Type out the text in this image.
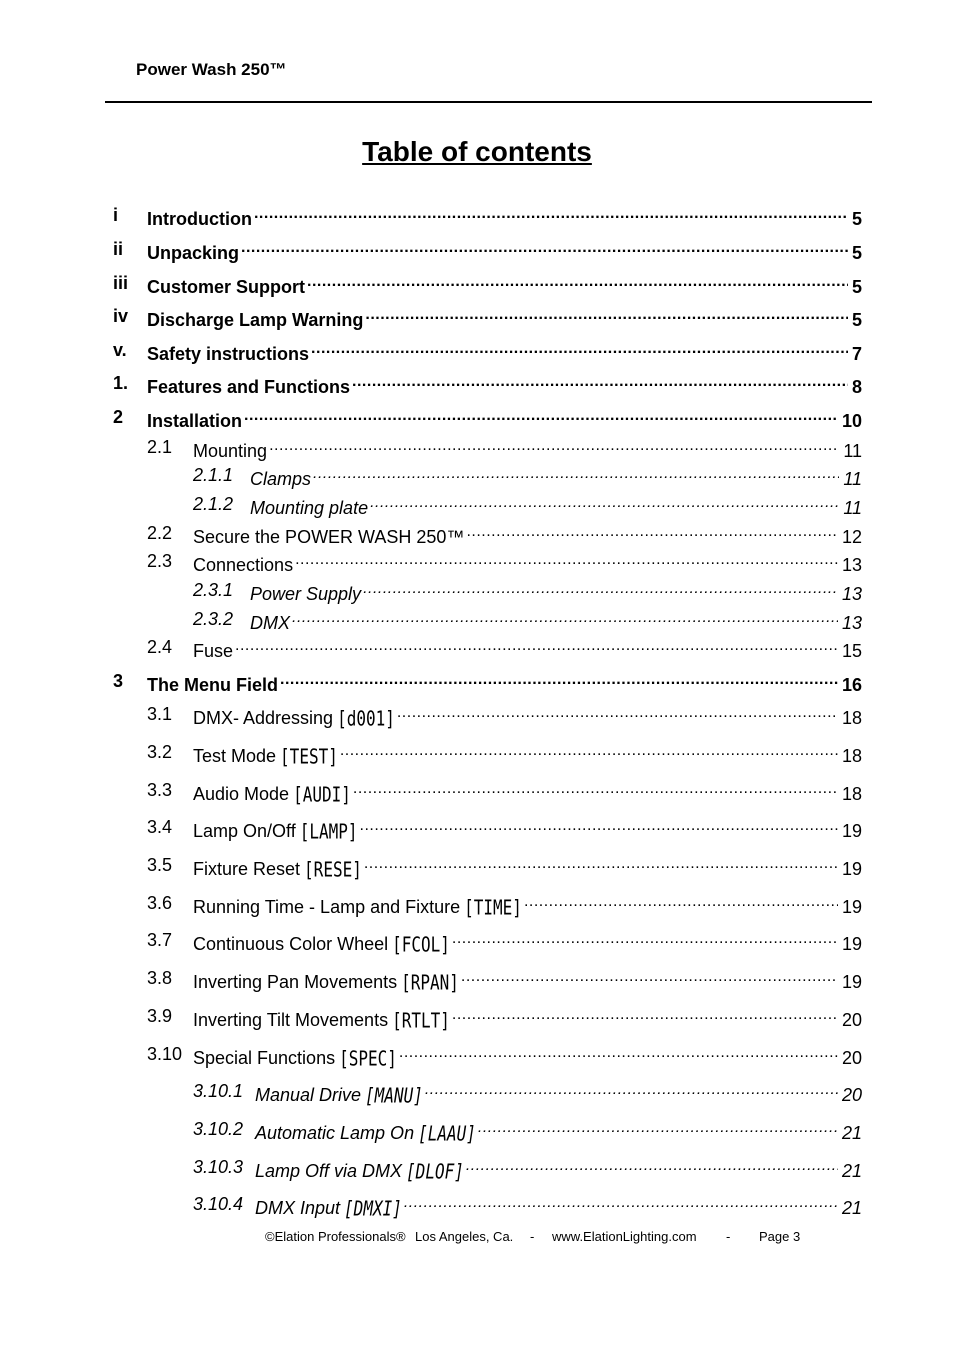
Power Wash 250™
Table of contents
i Introduction .....	5
ii Unpacking .....	5
iii Customer Support .....	5
iv Discharge Lamp Warning .....	5
v. Safety instructions .....	7
1. Features and Functions .....	8
2 Installation .....	10
2.1 Mounting .....	11
2.1.1 Clamps .....	11
2.1.2 Mounting plate .....	11
2.2 Secure the POWER WASH 250™ .....	12
2.3 Connections .....	13
2.3.1 Power Supply .....	13
2.3.2 DMX .....	13
2.4 Fuse .....	15
3 The Menu Field .....	16
3.1 DMX- Addressing [d001] .....	18
3.2 Test Mode [TEST] .....	18
3.3 Audio Mode [AUDI] .....	18
3.4 Lamp On/Off [LAMP] .....	19
3.5 Fixture Reset [RESE] .....	19
3.6 Running Time - Lamp and Fixture [TIME] .....	19
3.7 Continuous Color Wheel [FCOL] .....	19
3.8 Inverting Pan Movements [RPAN] .....	19
3.9 Inverting Tilt Movements [RTLT] .....	20
3.10 Special Functions [SPEC] .....	20
3.10.1 Manual Drive [MANU] .....	20
3.10.2 Automatic Lamp On [LAAU] .....	21
3.10.3 Lamp Off via DMX [DLOF] .....	21
3.10.4 DMX Input [DMXI] .....	21
©Elation Professionals® Los Angeles, Ca. - www.ElationLighting.com - Page 3
